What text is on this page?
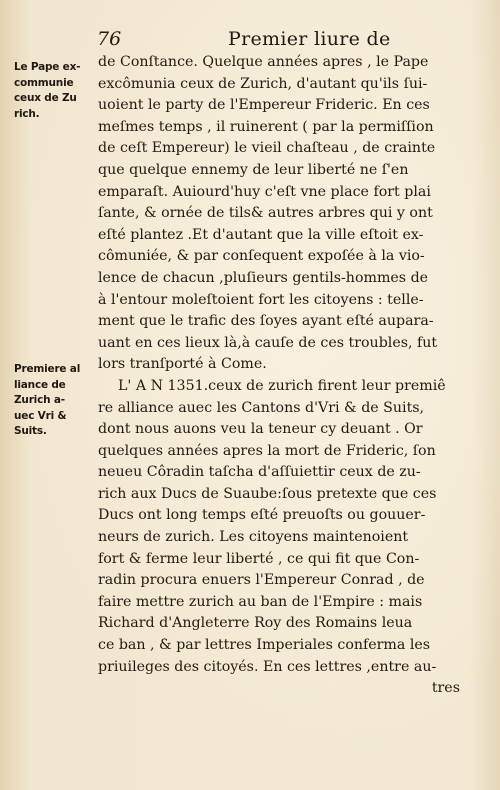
76	Premier liure de
Le Pape ex-
communie
ceux de Zu
rich.
Premiere al
liance de
Zurich a-
uec Vri &
Suits.
de Conſtance. Quelque années apres , le Pape
excômunia ceux de Zurich, d'autant qu'ils ſui-
uoient le party de l'Empereur Frideric. En ces
meſmes temps , il ruinerent ( par la permiſſion
de ceſt Empereur) le vieil chaſteau , de crainte
que quelque ennemy de leur liberté ne ſ'en
emparaſt. Auiourd'huy c'eſt vne place fort plai
ſante, & ornée de tils& autres arbres qui y ont
eſté plantez .Et d'autant que la ville eſtoit ex-
cômuniée, & par conſequent expoſée à la vio-
lence de chacun ,pluſieurs gentils-hommes de
à l'entour moleſtoient fort les citoyens : telle-
ment que le trafic des ſoyes ayant eſté aupara-
uant en ces lieux là,à cauſe de ces troubles, fut
lors tranſporté à Come.
L' A N 1351.ceux de zurich firent leur premiê
re alliance auec les Cantons d'Vri & de Suits,
dont nous auons veu la teneur cy deuant . Or
quelques années apres la mort de Frideric, ſon
neueu Côradin taſcha d'aſſuiettir ceux de zu-
rich aux Ducs de Suaube:ſous pretexte que ces
Ducs ont long temps eſté preuoſts ou gouuer-
neurs de zurich. Les citoyens maintenoient
fort & ferme leur liberté , ce qui fit que Con-
radin procura enuers l'Empereur Conrad , de
faire mettre zurich au ban de l'Empire : mais
Richard d'Angleterre Roy des Romains leua
ce ban , & par lettres Imperiales conferma les
priuileges des citoyés. En ces lettres ,entre au-
tres
